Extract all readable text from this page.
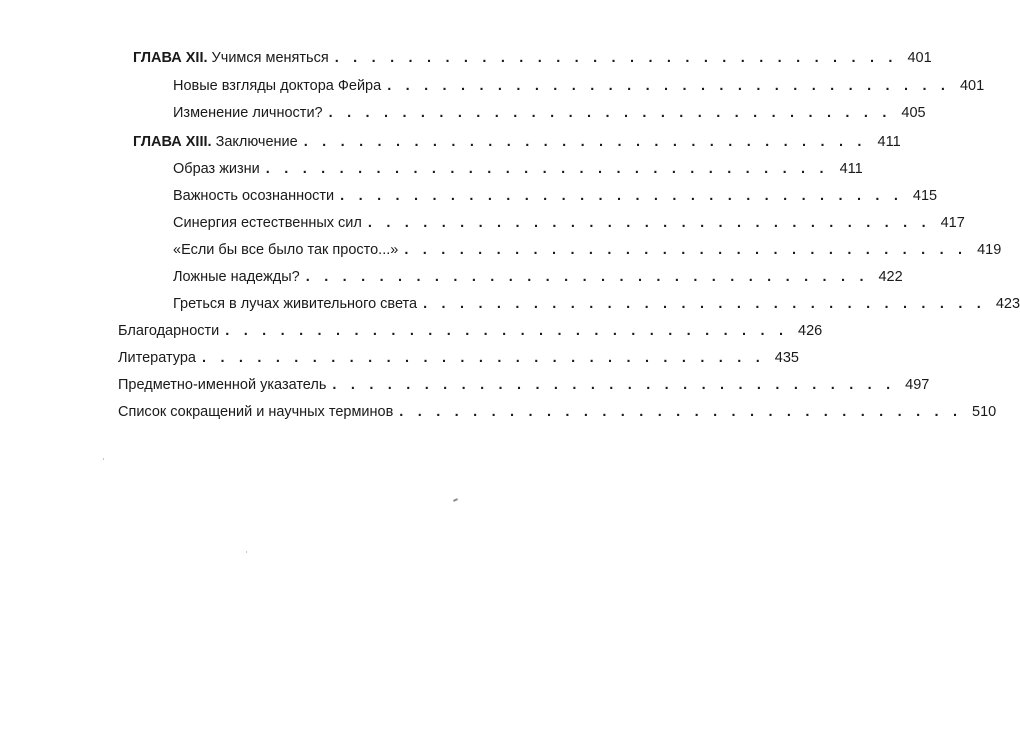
ГЛАВА XII. Учимся меняться . . . . . . . . . . . . . . . . . . . . . . . . . . . . . . . 401
Новые взгляды доктора Фейра . . . . . . . . . . . . . . . . . . . . . . . . . . . . . . . 401
Изменение личности? . . . . . . . . . . . . . . . . . . . . . . . . . . . . . . . 405
ГЛАВА XIII. Заключение . . . . . . . . . . . . . . . . . . . . . . . . . . . . . . . 411
Образ жизни . . . . . . . . . . . . . . . . . . . . . . . . . . . . . . . 411
Важность осознанности . . . . . . . . . . . . . . . . . . . . . . . . . . . . . . . 415
Синергия естественных сил . . . . . . . . . . . . . . . . . . . . . . . . . . . . . . . 417
«Если бы все было так просто...» . . . . . . . . . . . . . . . . . . . . . . . . . . . . . . . 419
Ложные надежды? . . . . . . . . . . . . . . . . . . . . . . . . . . . . . . . 422
Греться в лучах живительного света . . . . . . . . . . . . . . . . . . . . . . . . . . . . . . . 423
Благодарности . . . . . . . . . . . . . . . . . . . . . . . . . . . . . . . 426
Литература . . . . . . . . . . . . . . . . . . . . . . . . . . . . . . . 435
Предметно-именной указатель . . . . . . . . . . . . . . . . . . . . . . . . . . . . . . . 497
Список сокращений и научных терминов . . . . . . . . . . . . . . . . . . . . . . . . . . . . . . . 510
